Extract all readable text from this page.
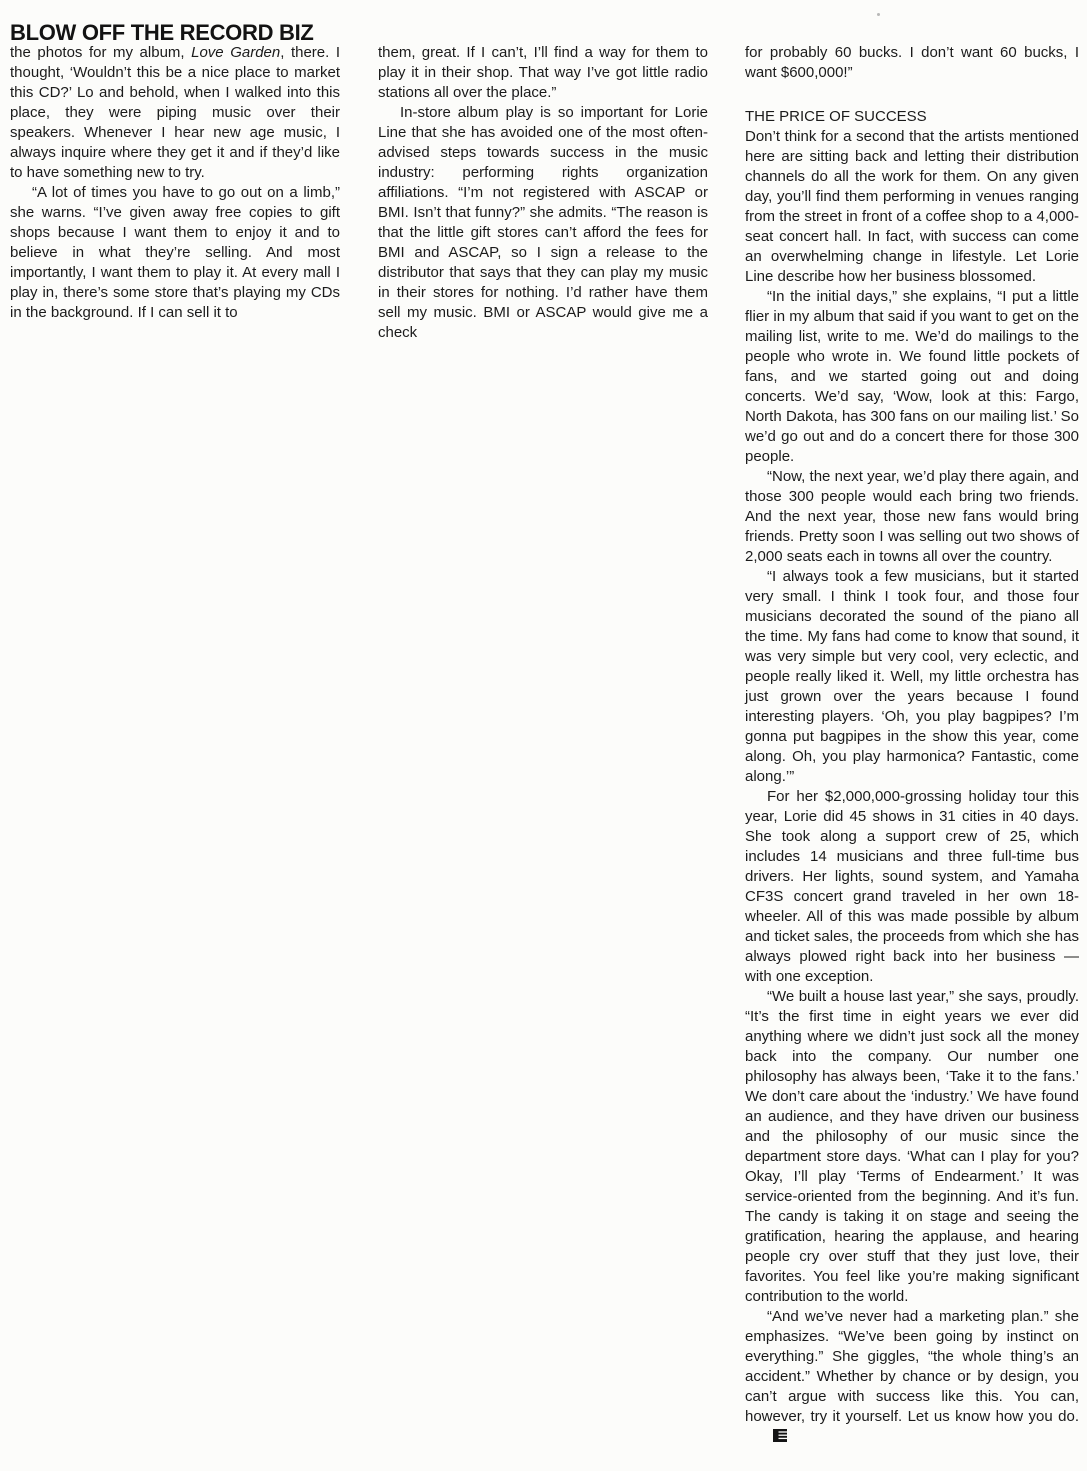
BLOW OFF THE RECORD BIZ

the photos for my album, Love Garden, there. I thought, ‘Wouldn’t this be a nice place to market this CD?’ Lo and behold, when I walked into this place, they were piping music over their speakers. Whenever I hear new age music, I always inquire where they get it and if they’d like to have something new to try.

“A lot of times you have to go out on a limb,” she warns. “I’ve given away free copies to gift shops because I want them to enjoy it and to believe in what they’re selling. And most importantly, I want them to play it. At every mall I play in, there’s some store that’s playing my CDs in the background. If I can sell it to

them, great. If I can’t, I’ll find a way for them to play it in their shop. That way I’ve got little radio stations all over the place.”

In-store album play is so important for Lorie Line that she has avoided one of the most often-advised steps towards success in the music industry: performing rights organization affiliations. “I’m not registered with ASCAP or BMI. Isn’t that funny?” she admits. “The reason is that the little gift stores can’t afford the fees for BMI and ASCAP, so I sign a release to the distributor that says that they can play my music in their stores for nothing. I’d rather have them sell my music. BMI or ASCAP would give me a check

for probably 60 bucks. I don’t want 60 bucks, I want $600,000!”

THE PRICE OF SUCCESS

Don’t think for a second that the artists mentioned here are sitting back and letting their distribution channels do all the work for them. On any given day, you’ll find them performing in venues ranging from the street in front of a coffee shop to a 4,000-seat concert hall. In fact, with success can come an overwhelming change in lifestyle. Let Lorie Line describe how her business blossomed.

“In the initial days,” she explains, “I put a little flier in my album that said if you want to get on the mailing list, write to me. We’d do mailings to the people who wrote in. We found little pockets of fans, and we started going out and doing concerts. We’d say, ‘Wow, look at this: Fargo, North Dakota, has 300 fans on our mailing list.’ So we’d go out and do a concert there for those 300 people.

“Now, the next year, we’d play there again, and those 300 people would each bring two friends. And the next year, those new fans would bring friends. Pretty soon I was selling out two shows of 2,000 seats each in towns all over the country.

“I always took a few musicians, but it started very small. I think I took four, and those four musicians decorated the sound of the piano all the time. My fans had come to know that sound, it was very simple but very cool, very eclectic, and people really liked it. Well, my little orchestra has just grown over the years because I found interesting players. ‘Oh, you play bagpipes? I’m gonna put bagpipes in the show this year, come along. Oh, you play harmonica? Fantastic, come along.’”

For her $2,000,000-grossing holiday tour this year, Lorie did 45 shows in 31 cities in 40 days. She took along a support crew of 25, which includes 14 musicians and three full-time bus drivers. Her lights, sound system, and Yamaha CF3S concert grand traveled in her own 18-wheeler. All of this was made possible by album and ticket sales, the proceeds from which she has always plowed right back into her business — with one exception.

“We built a house last year,” she says, proudly. “It’s the first time in eight years we ever did anything where we didn’t just sock all the money back into the company. Our number one philosophy has always been, ‘Take it to the fans.’ We don’t care about the ‘industry.’ We have found an audience, and they have driven our business and the philosophy of our music since the department store days. ‘What can I play for you? Okay, I’ll play ‘Terms of Endearment.’ It was service-oriented from the beginning. And it’s fun. The candy is taking it on stage and seeing the gratification, hearing the applause, and hearing people cry over stuff that they just love, their favorites. You feel like you’re making significant contribution to the world.

“And we’ve never had a marketing plan.” she emphasizes. “We’ve been going by instinct on everything.” She giggles, “the whole thing’s an accident.” Whether by chance or by design, you can’t argue with success like this. You can, however, try it yourself. Let us know how you do.
